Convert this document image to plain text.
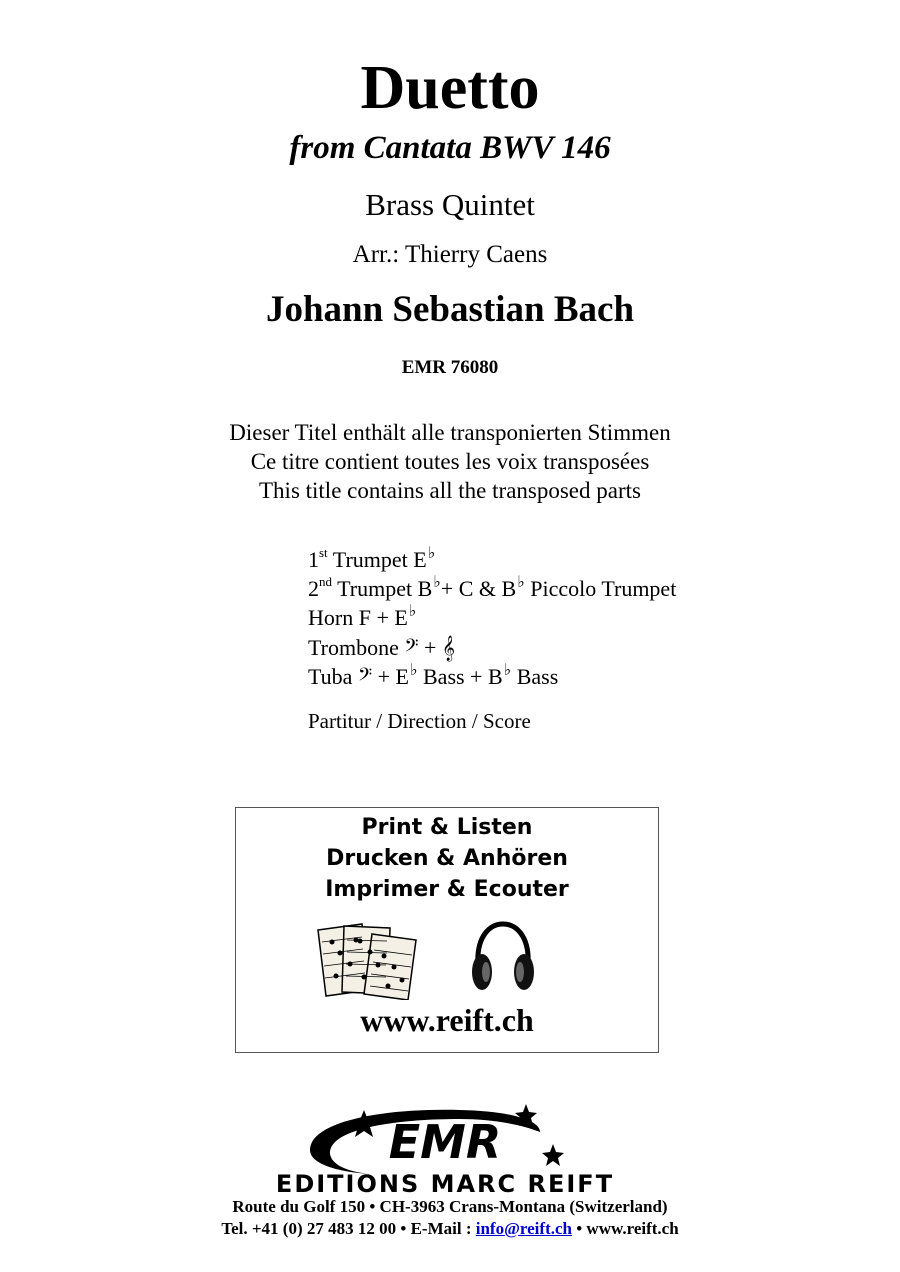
Duetto
from Cantata BWV 146
Brass Quintet
Arr.: Thierry Caens
Johann Sebastian Bach
EMR 76080
Dieser Titel enthält alle transponierten Stimmen
Ce titre contient toutes les voix transposées
This title contains all the transposed parts
1st Trumpet E♭
2nd Trumpet B♭+ C & B♭ Piccolo Trumpet
Horn F + E♭
Trombone 𝄢 + 𝄞
Tuba 𝄢 + E♭ Bass + B♭ Bass
Partitur / Direction / Score
Print & Listen
Drucken & Anhören
Imprimer & Ecouter
www.reift.ch
EMR
EDITIONS MARC REIFT
Route du Golf 150 • CH-3963 Crans-Montana (Switzerland)
Tel. +41 (0) 27 483 12 00 • E-Mail : info@reift.ch • www.reift.ch
